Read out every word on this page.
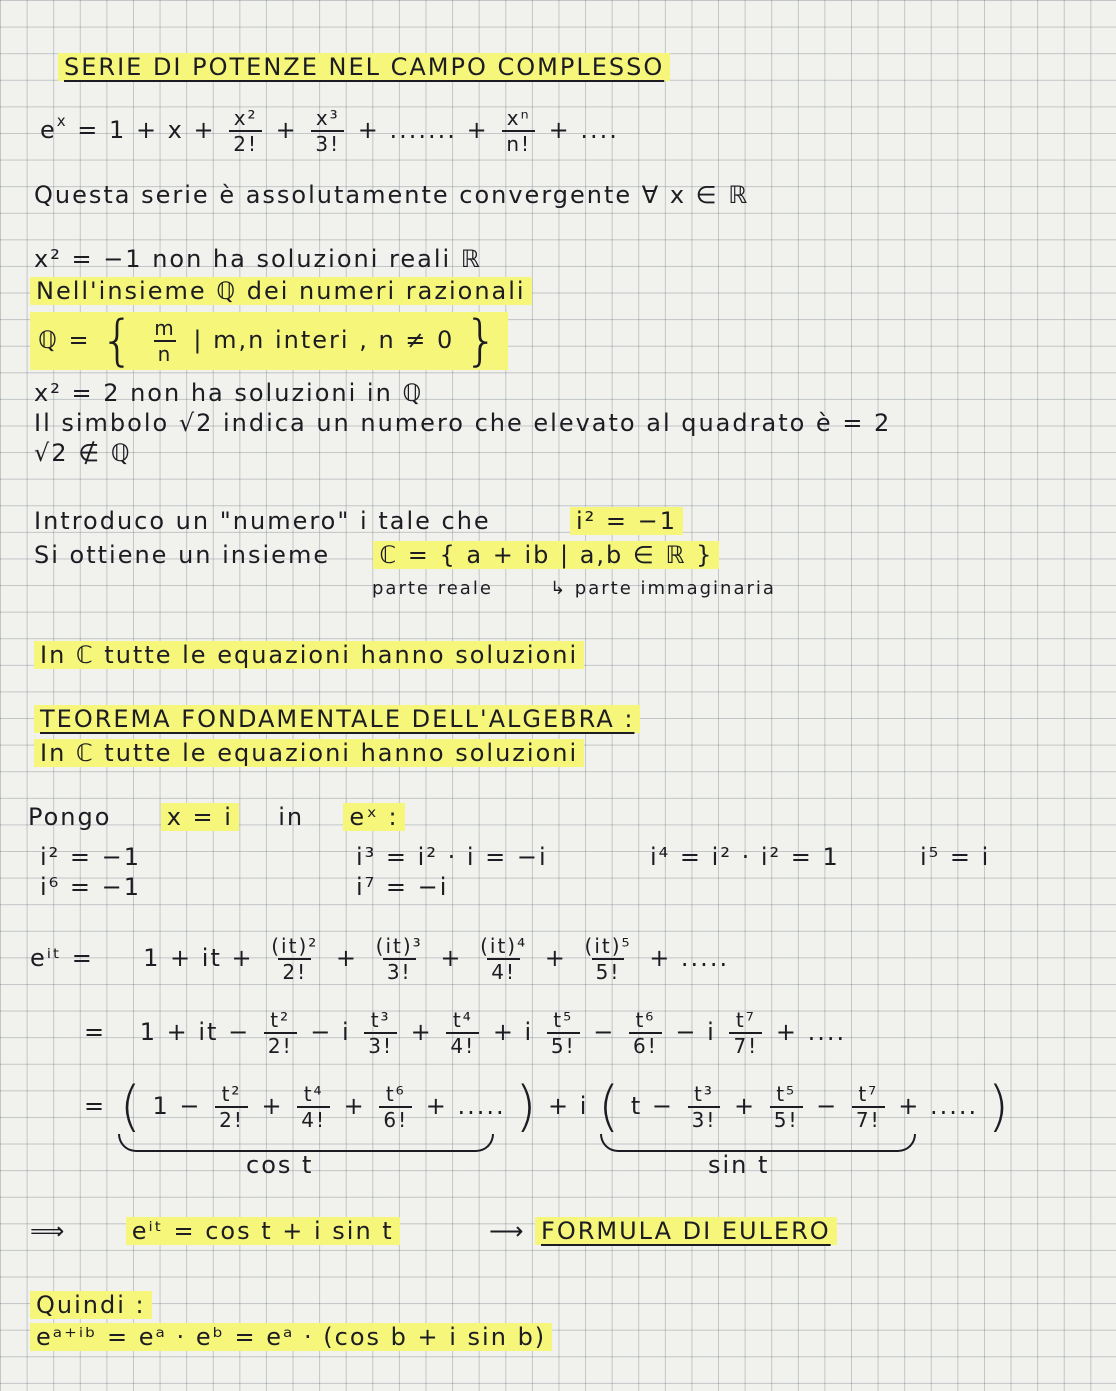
SERIE DI POTENZE NEL CAMPO COMPLESSO
$e^x = 1 + x + \frac{\text{x²}}{2!} + \frac{\text{x³}}{3!}$ + ....... + $\frac{\text{xⁿ}}{n!}$ + ....
Questa serie è assolutamente convergente ∀ x ∈ ℝ
x² = −1 non ha soluzioni reali ℝ
Nell'insieme ℚ dei numeri razionali
ℚ = { $\frac{m}{n}$ | m,n interi , n ≠ 0 }
x² = 2 non ha soluzioni in ℚ
Il simbolo √2 indica un numero che elevato al quadrato è = 2
√2 ∉ ℚ
Introduco un "numero" i tale che	i² = −1
Si ottiene un insieme ℂ = { a + ib | a,b ∈ ℝ }
parte reale	↳ parte immaginaria
In ℂ tutte le equazioni hanno soluzioni
TEOREMA FONDAMENTALE DELL'ALGEBRA :
In ℂ tutte le equazioni hanno soluzioni
Pongo x = i in eˣ :
i² = −1	i³ = i² · i = −i	i⁴ = i² · i² = 1	i⁵ = i
i⁶ = −1	i⁷ = −i
eⁱᵗ = 1 + it + $\frac{\text{(it)²}}{2!} + \frac{\text{(it)³}}{3!} + \frac{\text{(it)⁴}}{4!} + \frac{\text{(it)⁵}}{5!}$ + .....
= 1 + it − $\frac{\text{t²}}{2!} - i \frac{\text{t³}}{3!} + \frac{\text{t⁴}}{4!} + i \frac{\text{t⁵}}{5!} - \frac{\text{t⁶}}{6!} - i \frac{\text{t⁷}}{7!}$ + ....
= ( $1 - \frac{\text{t²}}{2!} + \frac{\text{t⁴}}{4!} + \frac{\text{t⁶}}{6!}$ + ..... ) + i ( $t - \frac{\text{t³}}{3!} + \frac{\text{t⁵}}{5!} - \frac{\text{t⁷}}{7!}$ + ..... )
cos t	sin t
⟹	eⁱᵗ = cos t + i sin t	⟶ FORMULA DI EULERO
Quindi :
eᵃ⁺ⁱᵇ = eᵃ · eᵇ = eᵃ · (cos b + i sin b)
